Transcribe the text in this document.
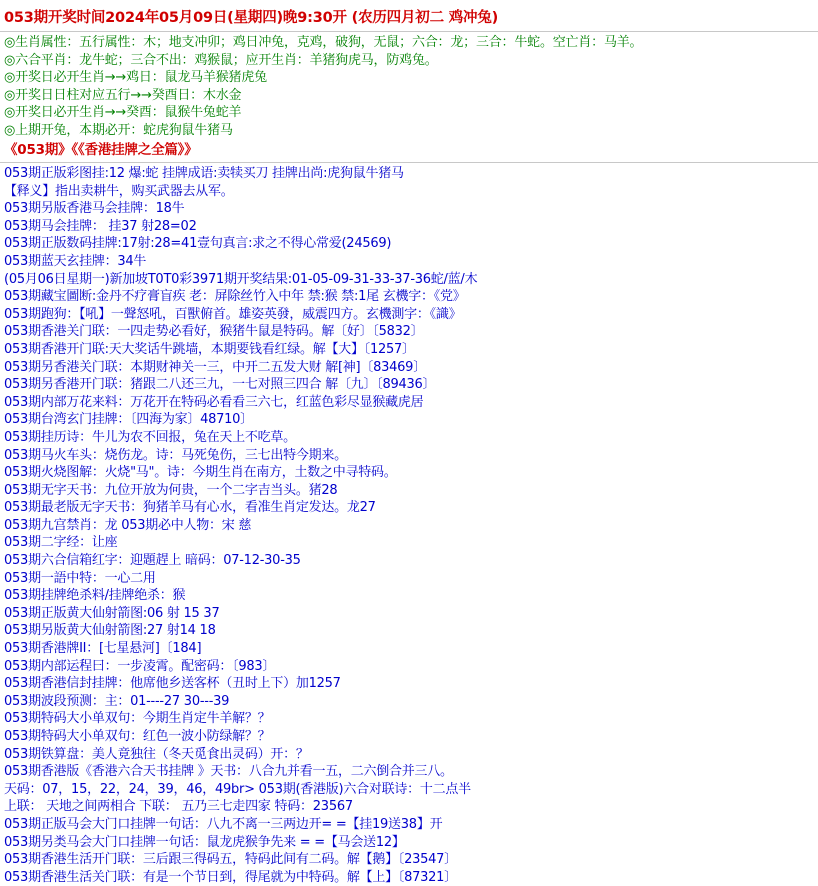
053期开奖时间2024年05月09日(星期四)晚9:30开 (农历四月初二 鸡冲兔)
◎生肖属性：五行属性：木；地支冲卯；鸡日冲兔，克鸡，破狗，无鼠；六合：龙；三合：牛蛇。空亡肖：马羊。
◎六合平肖：龙牛蛇；三合不出：鸡猴鼠；应开生肖：羊猪狗虎马，防鸡兔。
◎开奖日必开生肖→→鸡日：鼠龙马羊猴猪虎兔
◎开奖日日柱对应五行→→癸酉日：木水金
◎开奖日必开生肖→→癸酉：鼠猴牛兔蛇羊
◎上期开兔，本期必开：蛇虎狗鼠牛猪马
《053期》《《香港挂牌之全篇》》
053期正版彩图挂:12 爆:蛇 挂牌成语:卖犊买刀 挂牌出尚:虎狗鼠牛猪马
【释义】指出卖耕牛，购买武器去从军。
053期另版香港马会挂牌：18牛
053期马会挂牌： 挂37 射28=02
053期正版数码挂牌:17射:28=41壹句真言:求之不得心常爱(24569)
053期蓝天玄挂牌：34牛
(05月06日星期一)新加坡T0T0彩3971期开奖结果:01-05-09-31-33-37-36蛇/蓝/木
053期藏宝圖断:金丹不疗膏盲疾 老：屏除丝竹入中年 禁:猴 禁:1尾 玄機字：《党》
053期跑狗：【吼】一聲怒吼，百獸俯首。雄姿英發，威震四方。玄機測字：《識》
053期香港关门联：一四走势必看好，猴猪牛鼠是特码。解〔好〕〔5832〕
053期香港开门联:天大奖话牛跳墙，本期要钱看红绿。解【大】〔1257〕
053期另香港关门联：本期财神关一三，中开二五发大财 解[神]〔83469〕
053期另香港开门联：猪跟二八还三九，一七对照三四合 解〔九〕〔89436〕
053期内部万花来料：万花开在特码必看看三六七，红蓝色彩尽显猴藏虎居
053期台湾玄门挂牌：〔四海为家〕48710〕
053期挂历诗：牛儿为农不回报，兔在天上不吃草。
053期马火车头：烧伤龙。诗：马死兔伤，三七出特今期来。
053期火烧图解：火烧"马"。诗：今期生肖在南方，土数之中寻特码。
053期无字天书：九位开放为何贵，一个二字吉当头。猪28
053期最老版无字天书：狗猪羊马有心水，看准生肖定发达。龙27
053期九宫禁肖：龙 053期必中人物：宋 慈
053期二字经：让座
053期六合信箱红字：迎題趕上 暗码：07-12-30-35
053期一語中特：一心二用
053期挂牌绝杀料/挂牌绝杀：猴
053期正版黄大仙射箭图:06 射 15 37
053期另版黄大仙射箭图:27 射14 18
053期香港牌ⅠⅠ：[七星悬河]〔184]
053期内部运程曰：一步凌霄。配密码：〔983〕
053期香港信封挂牌：他席他乡送客杯（丑时上下）加1257
053期波段预测：主：01----27 30---39
053期特码大小单双句：今期生肖定牛羊解？？
053期特码大小单双句：红色一波小防绿解？？
053期铁算盘：美人竟独往（冬天觅食出灵码）开：？
053期香港版《香港六合天书挂牌 》天书：八合九并看一五，二六倒合并三八。
天码：07，15，22，24，39，46，49br> 053期(香港版)六合对联诗：十二点半
上联： 天地之间两相合 下联： 五乃三七走四家 特码：23567
053期正版马会大门口挂牌一句话：八九不离一三两边开= =【挂19送38】开
053期另类马会大门口挂牌一句话：鼠龙虎猴争先来 = =【马会送12】
053期香港生活开门联：三后跟三得码五，特码此间有二码。解【鹅】〔23547〕
053期香港生活关门联：有是一个节日到，得尾就为中特码。解【上】〔87321〕
